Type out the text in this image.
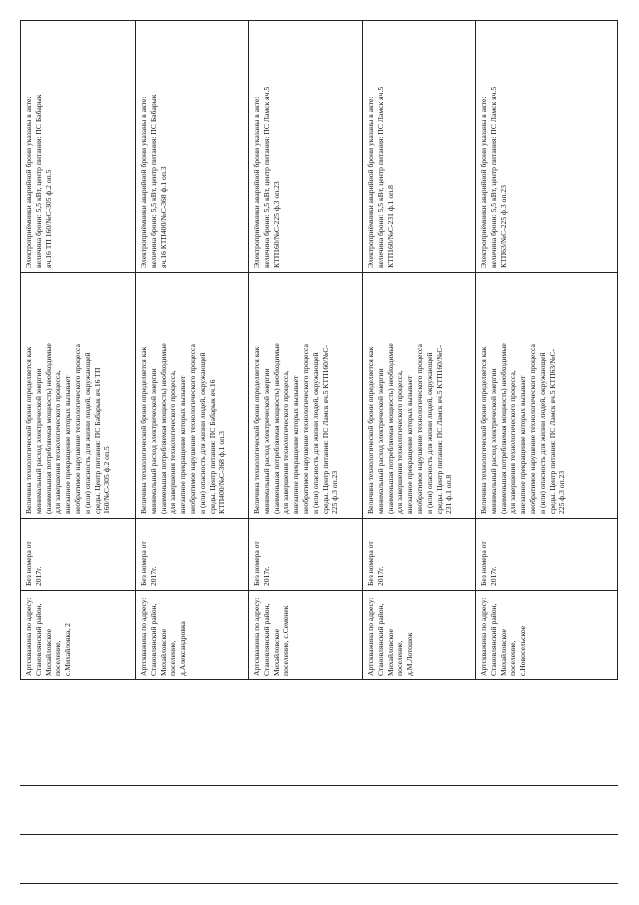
Электроприёмники аварийной брони указаны в акте:
величина брони: 5,5 кВт, центр питания: ПС Бабарык
яч.16 ТП 160/№С-305 ф.2 оп.5
Величина технологической брони определяется как
минимальный расход электрической энергии
(наименьшая потребляемая мощность) необходимые
для завершения технологического процесса,
внезапное прекращение которых вызывает
необратимое нарушение технологического процесса
и (или) опасность для жизни людей, окружающей
среды. Центр питания: ПС Бабарык яч.16 ТП
160/№С-305 ф.2 оп.5
Без номера от
2017г.
Артскважина по адресу:
Становлянский район,
Михайловское
поселение,
с.Михайловка, 2
Электроприёмники аварийной брони указаны в акте:
величина брони: 5,5 кВт, центр питания: ПС Бабарык
яч.16 КТП400/№С-368 ф.1 оп.3
Величина технологической брони определяется как
минимальный расход электрической энергии
(наименьшая потребляемая мощность) необходимые
для завершения технологического процесса,
внезапное прекращение которых вызывает
необратимое нарушение технологического процесса
и (или) опасность для жизни людей, окружающей
среды. Центр питания: ПС Бабарык яч.16
КТП400/№С-368 ф.1 оп.3
Без номера от
2017г.
Артскважина по адресу:
Становлянский район,
Михайловское
поселение,
д.Александровка
Электроприёмники аварийной брони указаны в акте:
величина брони: 5,5 кВт, центр питания: ПС Ламск яч.5
КТП160/№С-225 ф.3 оп.23
Величина технологической брони определяется как
минимальный расход электрической энергии
(наименьшая потребляемая мощность) необходимые
для завершения технологического процесса,
внезапное прекращение которых вызывает
необратимое нарушение технологического процесса
и (или) опасность для жизни людей, окружающей
среды. Центр питания: ПС Ламск яч.5 КТП160/№С-
225 ф.3 оп.23
Без номера от
2017г.
Артскважина по адресу:
Становлянский район,
Михайловское
поселение, с.Семенек
Электроприёмники аварийной брони указаны в акте:
величина брони: 5,5 кВт, центр питания: ПС Ламск яч.5
КТП160/№С-231 ф.1 оп.8
Величина технологической брони определяется как
минимальный расход электрической энергии
(наименьшая потребляемая мощность) необходимые
для завершения технологического процесса,
внезапное прекращение которых вызывает
необратимое нарушение технологического процесса
и (или) опасность для жизни людей, окружающей
среды. Центр питания: ПС Ламск яч.5 КТП160/№С-
231 ф.1 оп.8
Без номера от
2017г.
Артскважина по адресу:
Становлянский район,
Михайловское
поселение,
д.М.Лотошок
Электроприёмники аварийной брони указаны в акте:
величина брони: 5,5 кВт, центр питания: ПС Ламск яч.5
КТП63/№С-225 ф.3 оп.23
Величина технологической брони определяется как
минимальный расход электрической энергии
(наименьшая потребляемая мощность) необходимые
для завершения технологического процесса,
внезапное прекращение которых вызывает
необратимое нарушение технологического процесса
и (или) опасность для жизни людей, окружающей
среды. Центр питания: ПС Ламск яч.5 КТП63/№С-
225 ф.3 оп.23
Без номера от
2017г.
Артскважина по адресу:
Становлянский район,
Михайловское
поселение,
с.Новосельское
